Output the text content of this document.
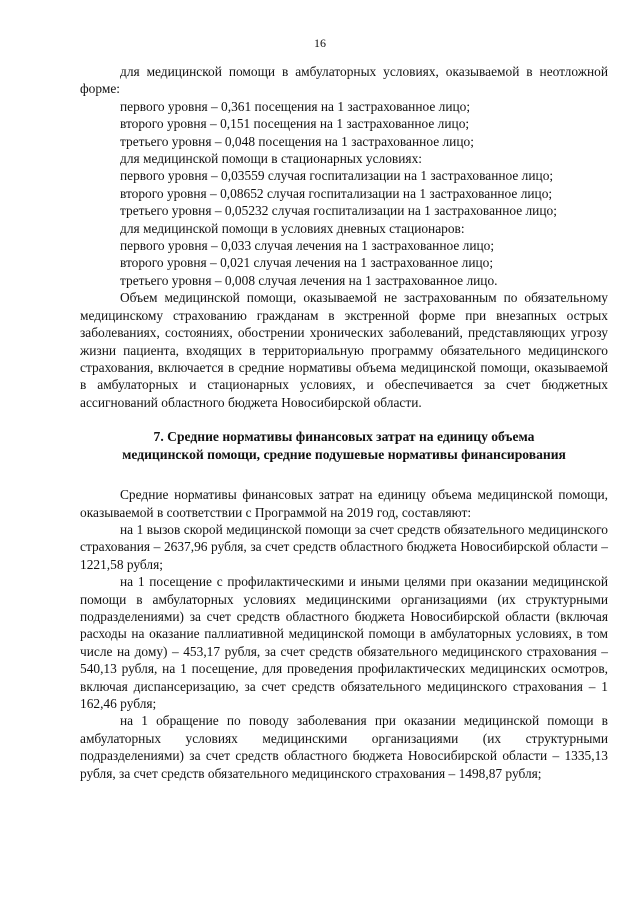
16

для медицинской помощи в амбулаторных условиях, оказываемой в неотложной форме:

первого уровня – 0,361 посещения на 1 застрахованное лицо;

второго уровня – 0,151 посещения на 1 застрахованное лицо;

третьего уровня – 0,048 посещения на 1 застрахованное лицо;

для медицинской помощи в стационарных условиях:

первого уровня – 0,03559 случая госпитализации на 1 застрахованное лицо;

второго уровня – 0,08652 случая госпитализации на 1 застрахованное лицо;

третьего уровня – 0,05232 случая госпитализации на 1 застрахованное лицо;

для медицинской помощи в условиях дневных стационаров:

первого уровня – 0,033 случая лечения на 1 застрахованное лицо;

второго уровня – 0,021 случая лечения на 1 застрахованное лицо;

третьего уровня – 0,008 случая лечения на 1 застрахованное лицо.

Объем медицинской помощи, оказываемой не застрахованным по обязательному медицинскому страхованию гражданам в экстренной форме при внезапных острых заболеваниях, состояниях, обострении хронических заболеваний, представляющих угрозу жизни пациента, входящих в территориальную программу обязательного медицинского страхования, включается в средние нормативы объема медицинской помощи, оказываемой в амбулаторных и стационарных условиях, и обеспечивается за счет бюджетных ассигнований областного бюджета Новосибирской области.

7. Средние нормативы финансовых затрат на единицу объема
медицинской помощи, средние подушевые нормативы финансирования

Средние нормативы финансовых затрат на единицу объема медицинской помощи, оказываемой в соответствии с Программой на 2019 год, составляют:

на 1 вызов скорой медицинской помощи за счет средств обязательного медицинского страхования – 2637,96 рубля, за счет средств областного бюджета Новосибирской области – 1221,58 рубля;

на 1 посещение с профилактическими и иными целями при оказании медицинской помощи в амбулаторных условиях медицинскими организациями (их структурными подразделениями) за счет средств областного бюджета Новосибирской области (включая расходы на оказание паллиативной медицинской помощи в амбулаторных условиях, в том числе на дому) – 453,17 рубля, за счет средств обязательного медицинского страхования – 540,13 рубля, на 1 посещение, для проведения профилактических медицинских осмотров, включая диспансеризацию, за счет средств обязательного медицинского страхования – 1 162,46 рубля;

на 1 обращение по поводу заболевания при оказании медицинской помощи в амбулаторных условиях медицинскими организациями (их структурными подразделениями) за счет средств областного бюджета Новосибирской области – 1335,13 рубля, за счет средств обязательного медицинского страхования – 1498,87 рубля;
